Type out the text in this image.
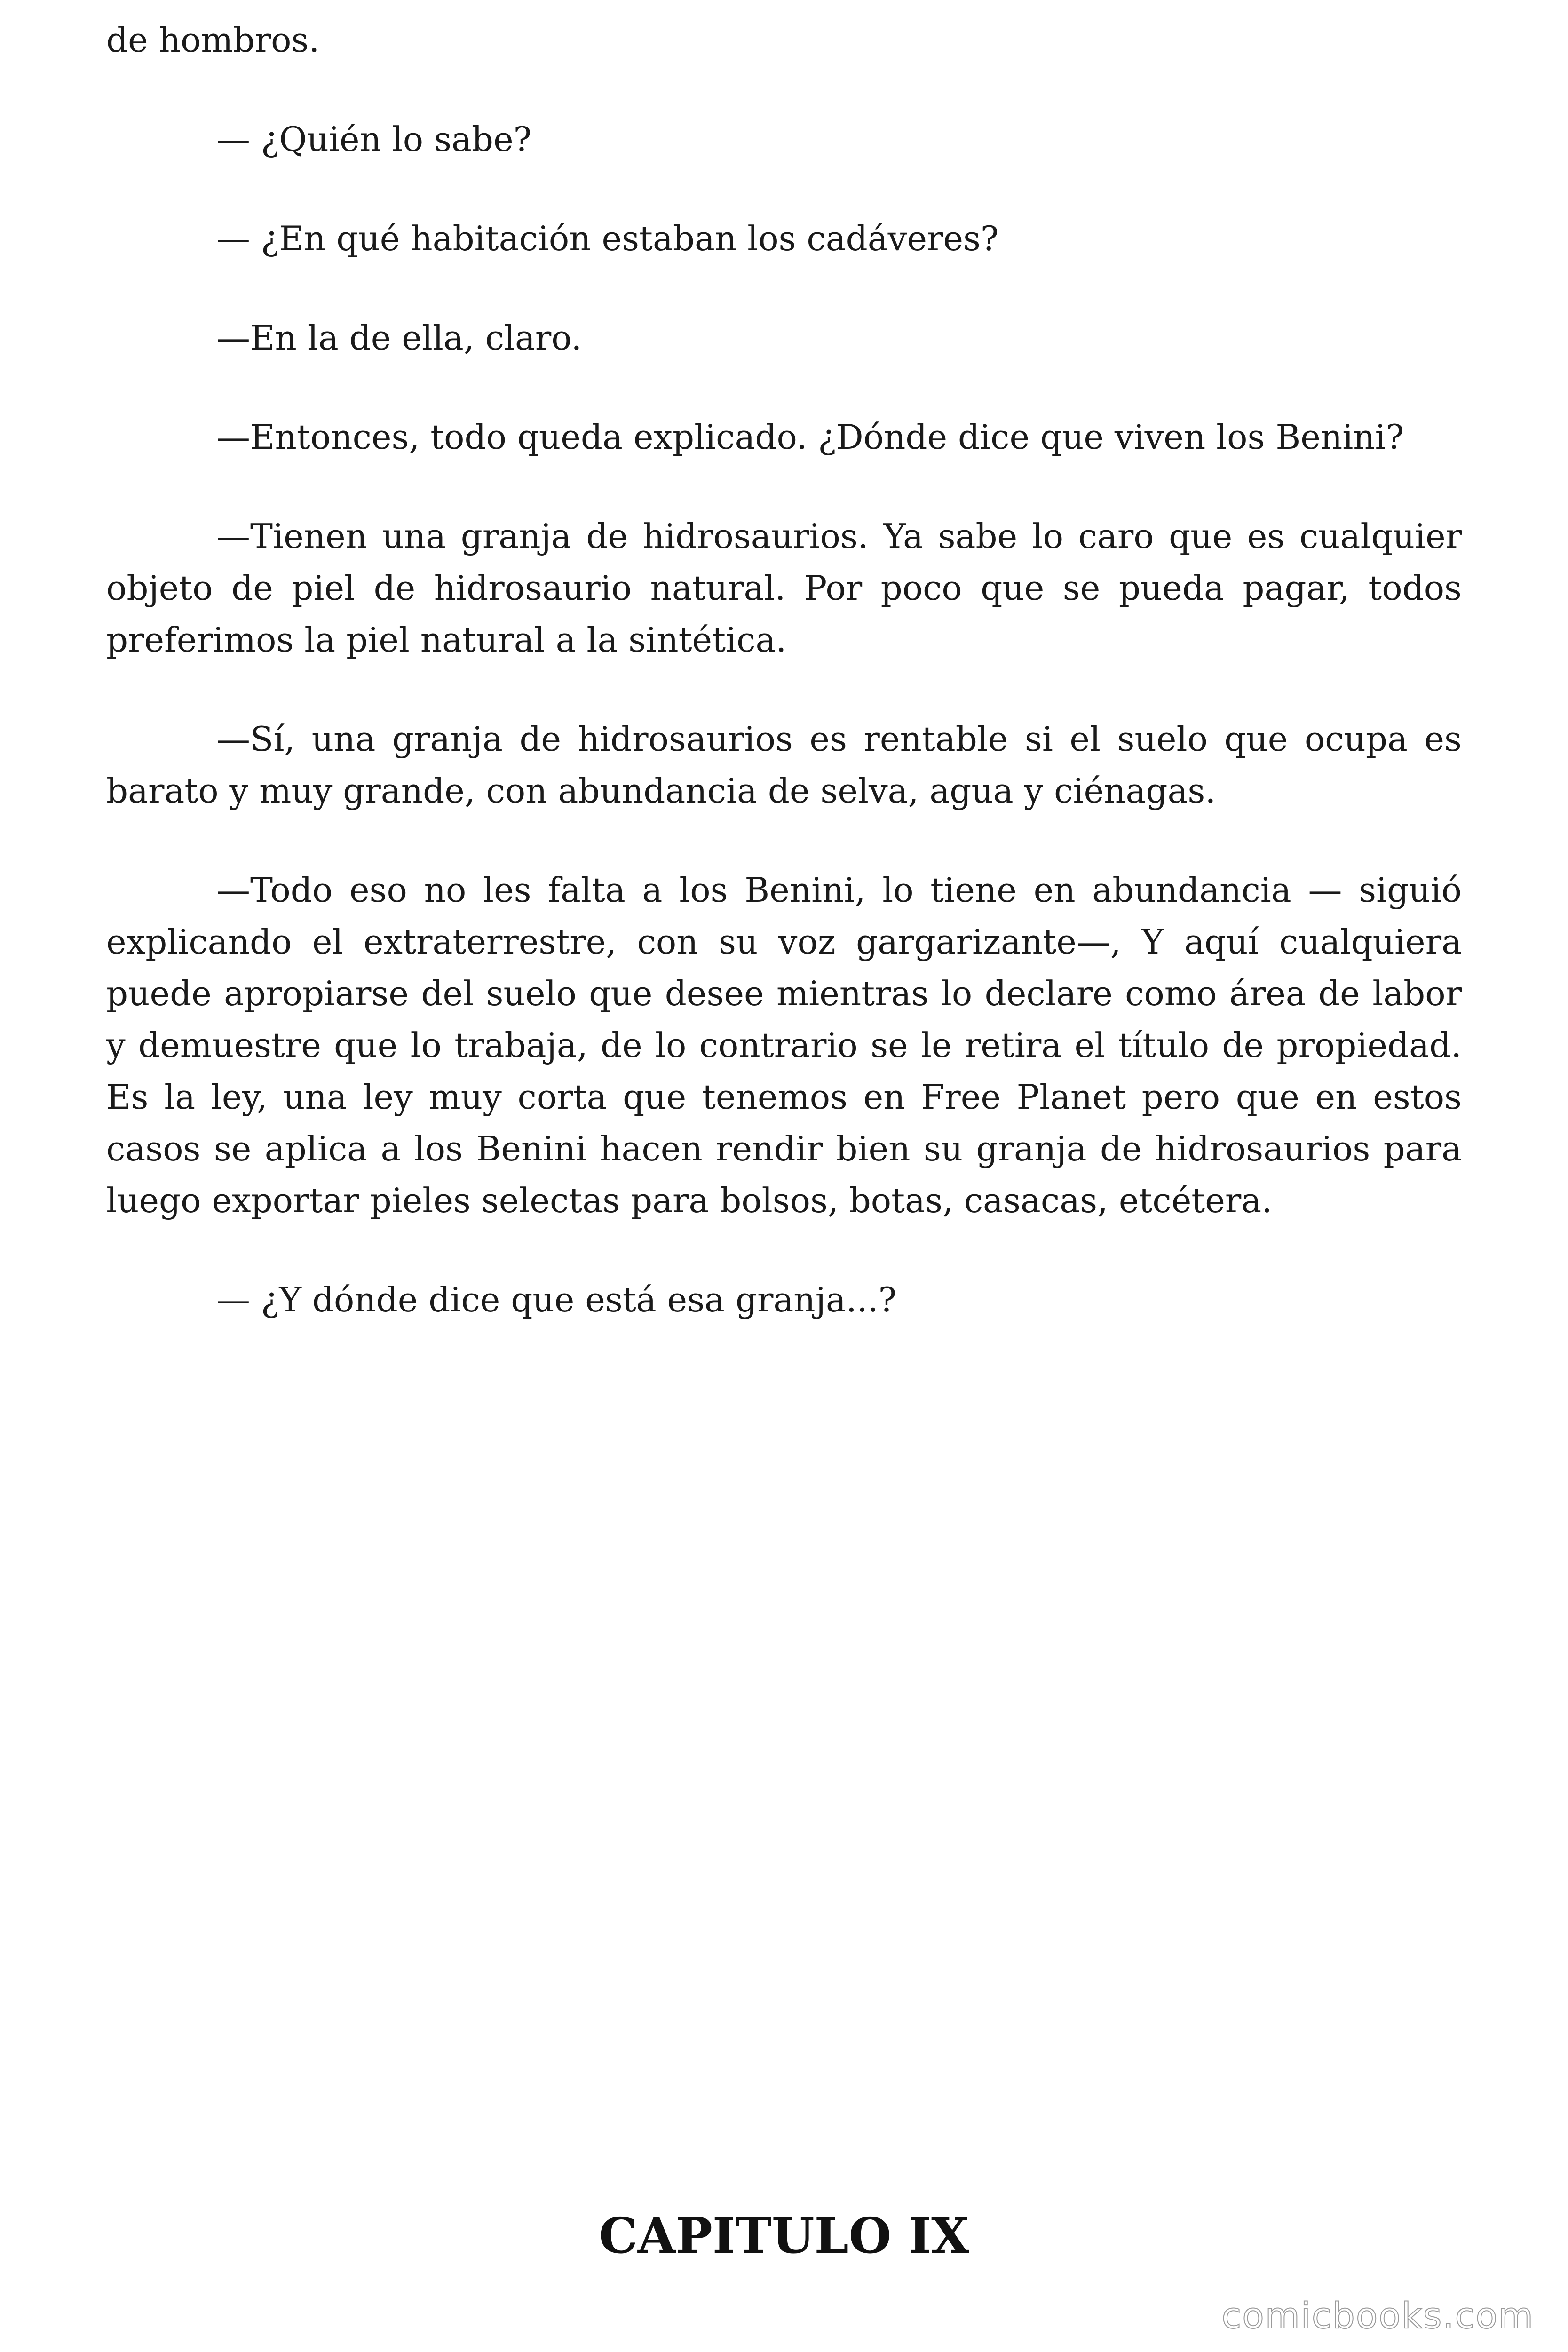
de hombros.

— ¿Quién lo sabe?

— ¿En qué habitación estaban los cadáveres?

—En la de ella, claro.

—Entonces, todo queda explicado. ¿Dónde dice que viven los Benini?

—Tienen una granja de hidrosaurios. Ya sabe lo caro que es cualquier objeto de piel de hidrosaurio natural. Por poco que se pueda pagar, todos preferimos la piel natural a la sintética.

—Sí, una granja de hidrosaurios es rentable si el suelo que ocupa es barato y muy grande, con abundancia de selva, agua y ciénagas.

—Todo eso no les falta a los Benini, lo tiene en abundancia — siguió explicando el extraterrestre, con su voz gargarizante—, Y aquí cualquiera puede apropiarse del suelo que desee mientras lo declare como área de labor y demuestre que lo trabaja, de lo contrario se le retira el título de propiedad. Es la ley, una ley muy corta que tenemos en Free Planet pero que en estos casos se aplica a los Benini hacen rendir bien su granja de hidrosaurios para luego exportar pieles selectas para bolsos, botas, casacas, etcétera.

— ¿Y dónde dice que está esa granja...?

CAPITULO IX
comicbooks.com
